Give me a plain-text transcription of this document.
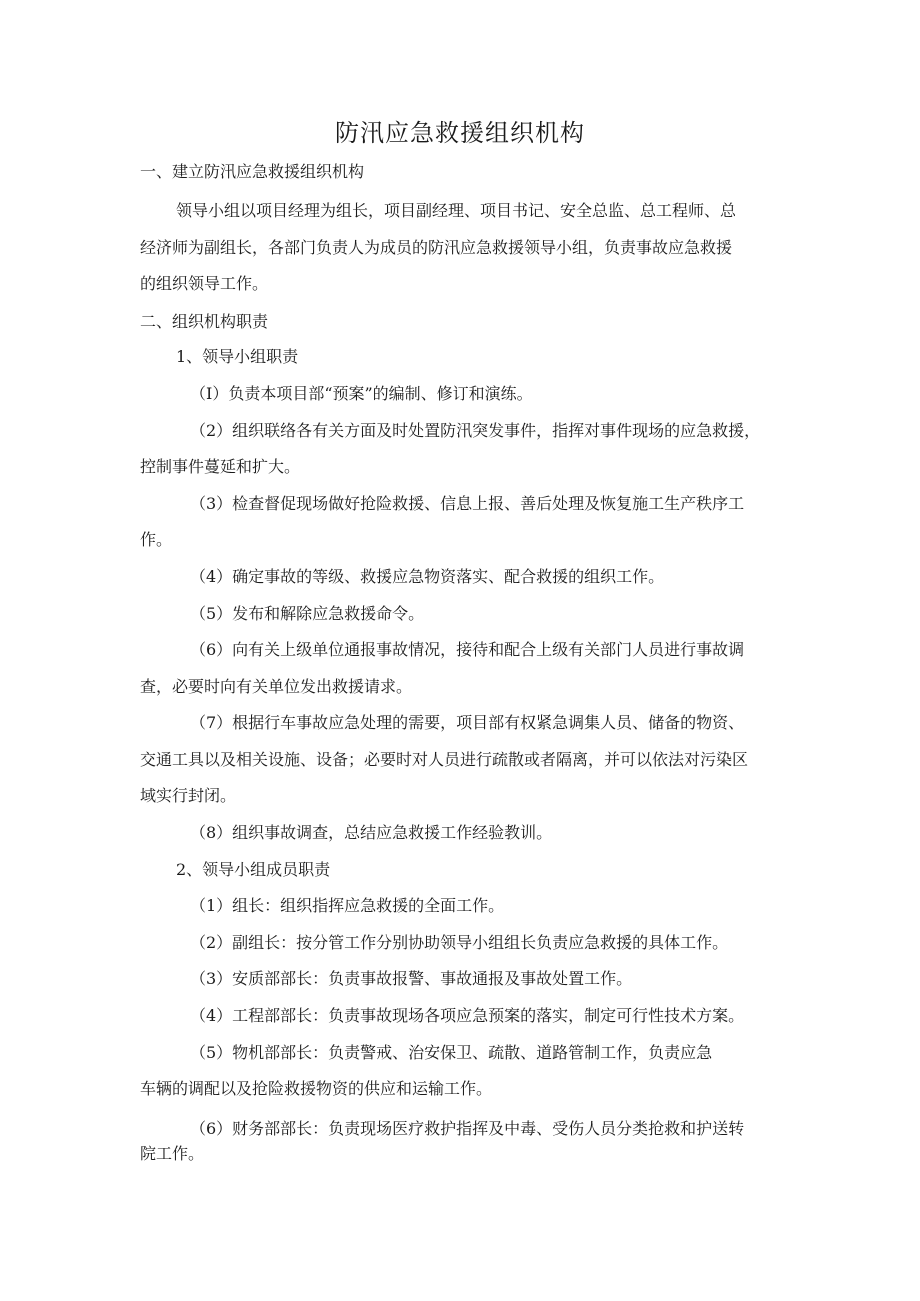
防汛应急救援组织机构
一、建立防汛应急救援组织机构
领导小组以项目经理为组长，项目副经理、项目书记、安全总监、总工程师、总
经济师为副组长，各部门负责人为成员的防汛应急救援领导小组，负责事故应急救援
的组织领导工作。
二、组织机构职责
1、领导小组职责
（I）负责本项目部“预案”的编制、修订和演练。
（2）组织联络各有关方面及时处置防汛突发事件，指挥对事件现场的应急救援，
控制事件蔓延和扩大。
（3）检查督促现场做好抢险救援、信息上报、善后处理及恢复施工生产秩序工
作。
（4）确定事故的等级、救援应急物资落实、配合救援的组织工作。
（5）发布和解除应急救援命令。
（6）向有关上级单位通报事故情况，接待和配合上级有关部门人员进行事故调
查，必要时向有关单位发出救援请求。
（7）根据行车事故应急处理的需要，项目部有权紧急调集人员、储备的物资、
交通工具以及相关设施、设备；必要时对人员进行疏散或者隔离，并可以依法对污染区
域实行封闭。
（8）组织事故调查，总结应急救援工作经验教训。
2、领导小组成员职责
（1）组长：组织指挥应急救援的全面工作。
（2）副组长：按分管工作分别协助领导小组组长负责应急救援的具体工作。
（3）安质部部长：负责事故报警、事故通报及事故处置工作。
（4）工程部部长：负责事故现场各项应急预案的落实，制定可行性技术方案。
（5）物机部部长：负责警戒、治安保卫、疏散、道路管制工作，负责应急
车辆的调配以及抢险救援物资的供应和运输工作。
（6）财务部部长：负责现场医疗救护指挥及中毒、受伤人员分类抢救和护送转
院工作。
